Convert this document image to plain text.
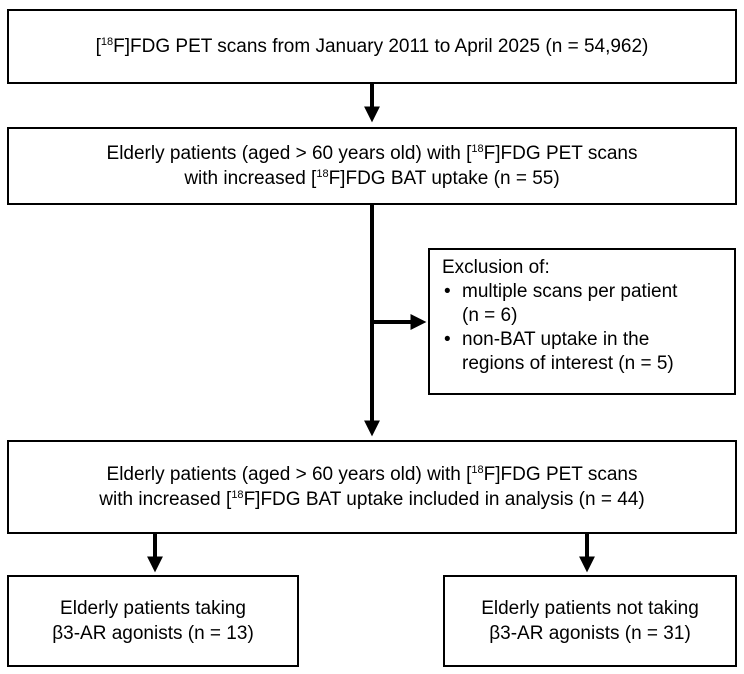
[$^{18}$F]FDG PET scans from January 2011 to April 2025 (n = 54,962)
Elderly patients (aged > 60 years old) with [$^{18}$F]FDG PET scans
with increased [$^{18}$F]FDG BAT uptake (n = 55)
Exclusion of:
• multiple scans per patient
(n = 6)
• non-BAT uptake in the
regions of interest (n = 5)
Elderly patients (aged > 60 years old) with [$^{18}$F]FDG PET scans
with increased [$^{18}$F]FDG BAT uptake included in analysis (n = 44)
Elderly patients taking
β3-AR agonists (n = 13)
Elderly patients not taking
β3-AR agonists (n = 31)
